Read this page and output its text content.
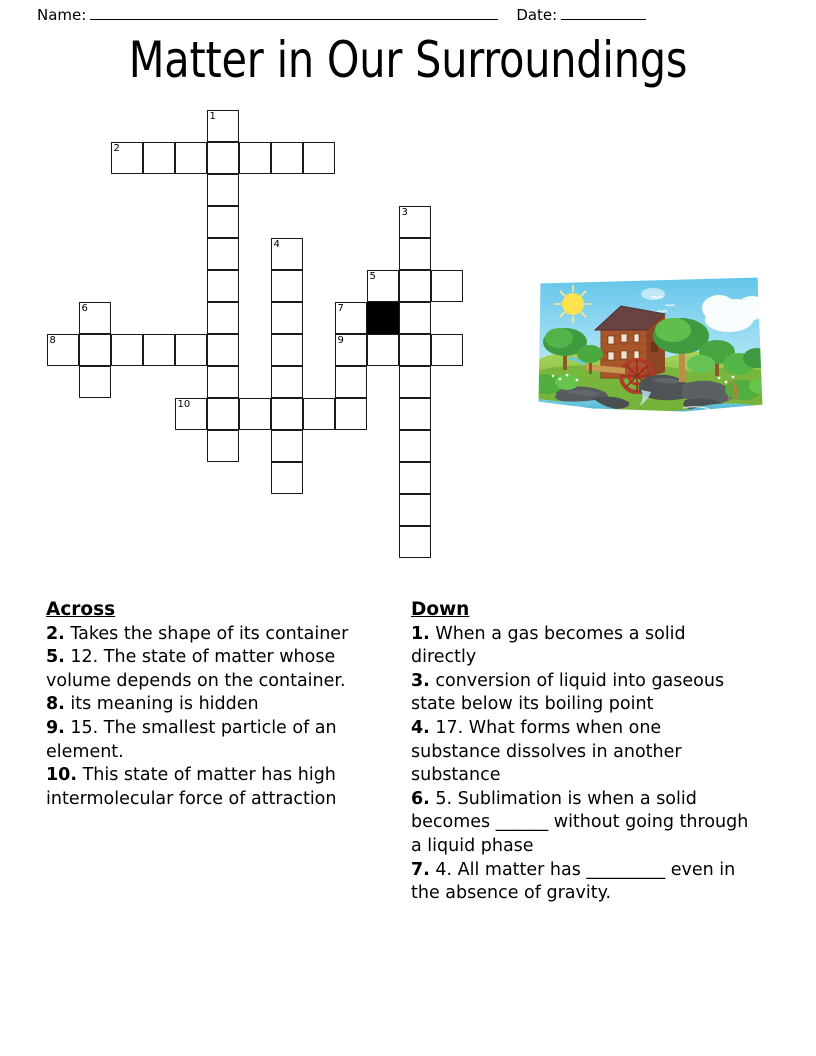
Name:	Date:
Matter in Our Surroundings
1
2
3
4
5
6	7
8	9
10
Across
2. Takes the shape of its container
5. 12. The state of matter whose volume depends on the container.
8. its meaning is hidden
9. 15. The smallest particle of an element.
10. This state of matter has high intermolecular force of attraction
Down
1. When a gas becomes a solid directly
3. conversion of liquid into gaseous state below its boiling point
4. 17. What forms when one substance dissolves in another substance
6. 5. Sublimation is when a solid becomes ______ without going through a liquid phase
7. 4. All matter has _________ even in the absence of gravity.
